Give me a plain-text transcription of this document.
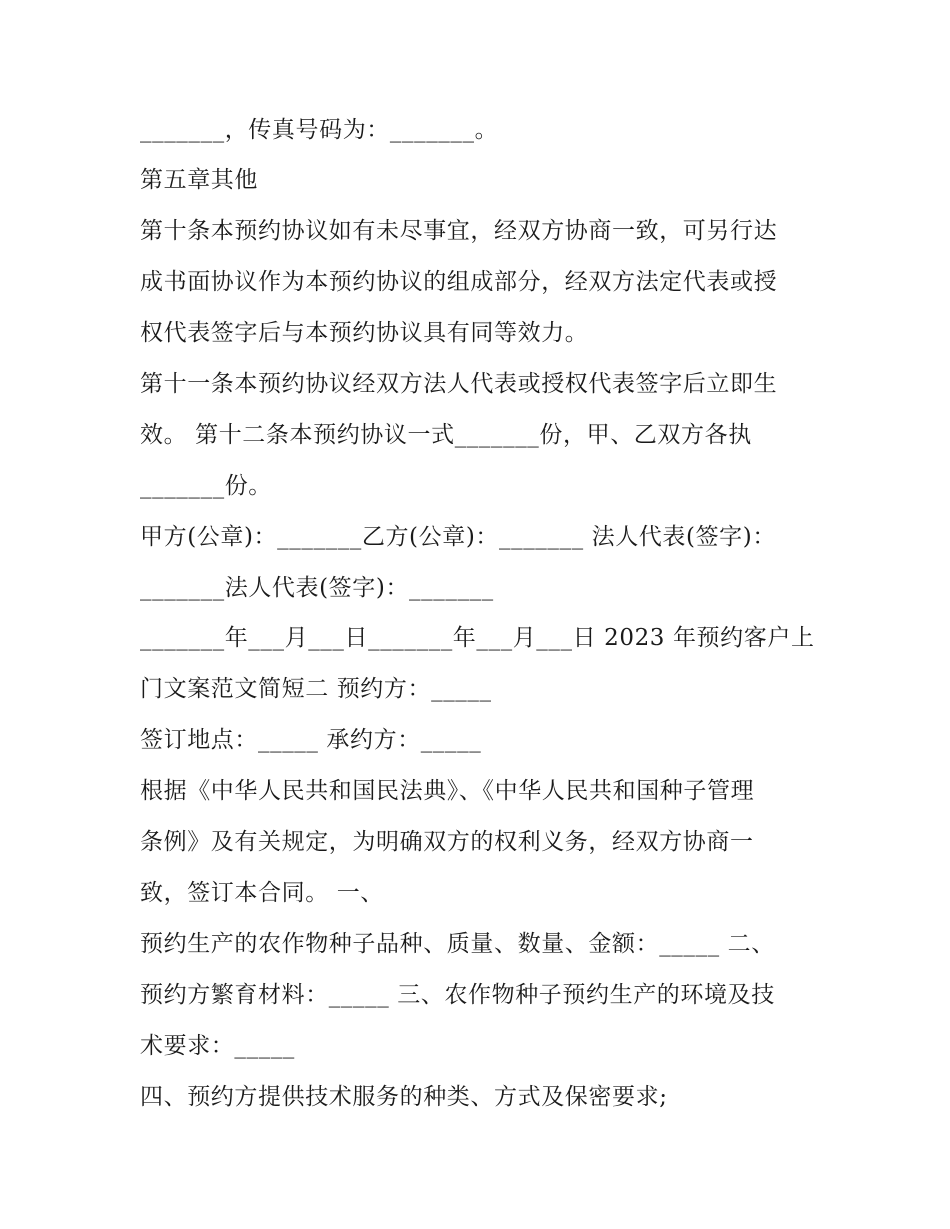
_______，传真号码为：_______。
第五章其他
第十条本预约协议如有未尽事宜，经双方协商一致，可另行达
成书面协议作为本预约协议的组成部分，经双方法定代表或授
权代表签字后与本预约协议具有同等效力。
第十一条本预约协议经双方法人代表或授权代表签字后立即生
效。 第十二条本预约协议一式_______份，甲、乙双方各执
_______份。
甲方(公章)：_______乙方(公章)：_______ 法人代表(签字)：
_______法人代表(签字)：_______
_______年___月___日_______年___月___日 2023 年预约客户上
门文案范文简短二 预约方：_____
签订地点：_____ 承约方：_____
根据《中华人民共和国民法典》、《中华人民共和国种子管理
条例》及有关规定，为明确双方的权利义务，经双方协商一
致，签订本合同。 一、
预约生产的农作物种子品种、质量、数量、金额：_____ 二、
预约方繁育材料：_____ 三、农作物种子预约生产的环境及技
术要求：_____
四、预约方提供技术服务的种类、方式及保密要求;
